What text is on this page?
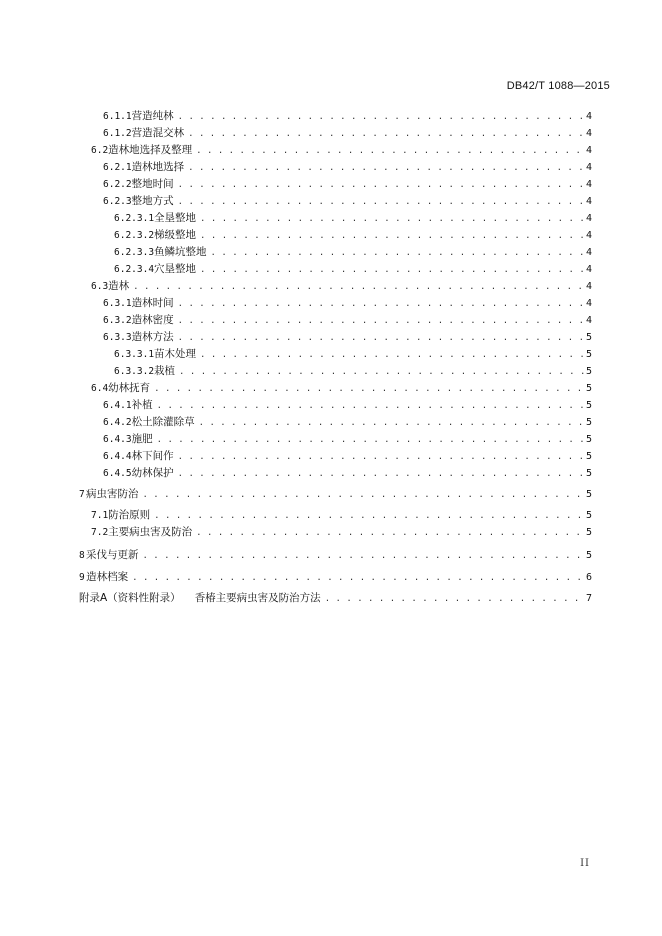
DB42/T 1088—2015
6.1.1 营造纯林 . . .	4
6.1.2 营造混交林 . . .	4
6.2 造林地选择及整理 . . .	4
6.2.1 造林地选择 . . .	4
6.2.2 整地时间 . . .	4
6.2.3 整地方式 . . .	4
6.2.3.1 全垦整地 . . .	4
6.2.3.2 梯级整地 . . .	4
6.2.3.3 鱼鳞坑整地 . . .	4
6.2.3.4 穴垦整地 . . .	4
6.3 造林 . . .	4
6.3.1 造林时间 . . .	4
6.3.2 造林密度 . . .	4
6.3.3 造林方法 . . .	5
6.3.3.1 苗木处理 . . .	5
6.3.3.2 栽植 . . .	5
6.4 幼林抚育 . . .	5
6.4.1 补植 . . .	5
6.4.2 松土除灌除草 . . .	5
6.4.3 施肥 . . .	5
6.4.4 林下间作 . . .	5
6.4.5 幼林保护 . . .	5
7 病虫害防治 . . .	5
7.1 防治原则 . . .	5
7.2 主要病虫害及防治 . . .	5
8 采伐与更新 . . .	5
9 造林档案 . . .	6
附录A（资料性附录）	香椿主要病虫害及防治方法 . . .	7
II
